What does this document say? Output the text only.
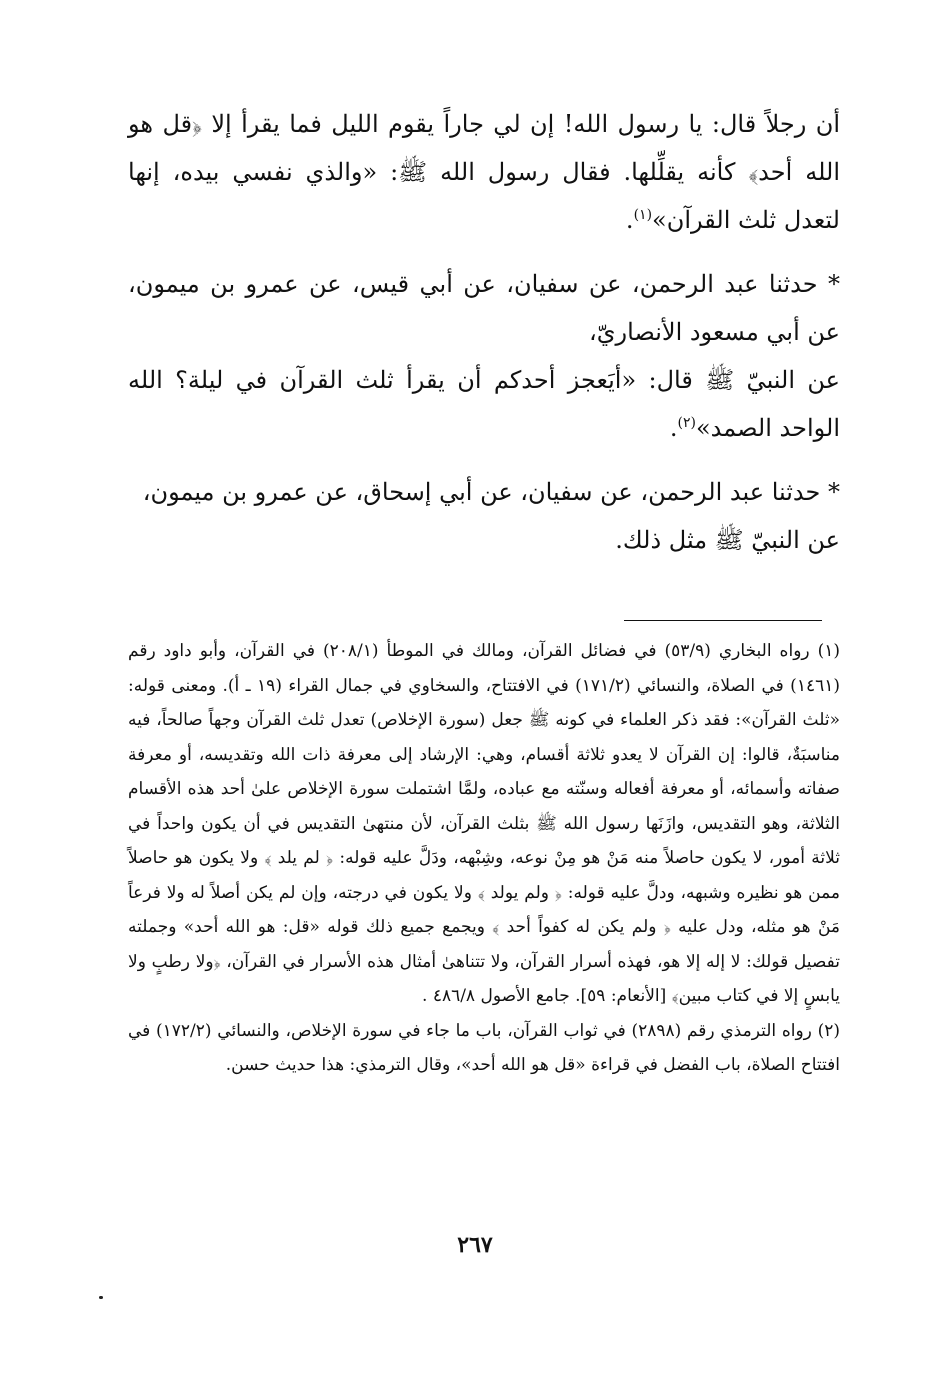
أن رجلاً قال: يا رسول الله! إن لي جاراً يقوم الليل فما يقرأ إلا ﴿قل هو الله أحد﴾ كأنه يقلِّلها. فقال رسول الله ﷺ: «والذي نفسي بيده، إنها لتعدل ثلث القرآن»$^{(١)}$.

* حدثنا عبد الرحمن، عن سفيان، عن أبي قيس، عن عمرو بن ميمون، عن أبي مسعود الأنصاريّ،

عن النبيّ ﷺ قال: «أيَعجز أحدكم أن يقرأ ثلث القرآن في ليلة؟ الله الواحد الصمد»$^{(٢)}$.

* حدثنا عبد الرحمن، عن سفيان، عن أبي إسحاق، عن عمرو بن ميمون،

عن النبيّ ﷺ مثل ذلك.

(١) رواه البخاري (٥٣/٩) في فضائل القرآن، ومالك في الموطأ (٢٠٨/١) في القرآن، وأبو داود رقم (١٤٦١) في الصلاة، والنسائي (١٧١/٢) في الافتتاح، والسخاوي في جمال القراء (١٩ ـ أ). ومعنى قوله: «ثلث القرآن»: فقد ذكر العلماء في كونه ﷺ جعل (سورة الإخلاص) تعدل ثلث القرآن وجهاً صالحاً، فيه مناسبَةٌ، قالوا: إن القرآن لا يعدو ثلاثة أقسام، وهي: الإرشاد إلى معرفة ذات الله وتقديسه، أو معرفة صفاته وأسمائه، أو معرفة أفعاله وسنّته مع عباده، ولمَّا اشتملت سورة الإخلاص علىٰ أحد هذه الأقسام الثلاثة، وهو التقديس، وازَنَها رسول الله ﷺ بثلث القرآن، لأن منتهىٰ التقديس في أن يكون واحداً في ثلاثة أمور، لا يكون حاصلاً منه مَنْ هو مِنْ نوعه، وشِبْهه، ودَلَّ عليه قوله: ﴿ لم يلد ﴾ ولا يكون هو حاصلاً ممن هو نظيره وشبهه، ودلَّ عليه قوله: ﴿ ولم يولد ﴾ ولا يكون في درجته، وإن لم يكن أصلاً له ولا فرعاً مَنْ هو مثله، ودل عليه ﴿ ولم يكن له كفواً أحد ﴾ ويجمع جميع ذلك قوله «قل: هو الله أحد» وجملته تفصيل قولك: لا إله إلا هو، فهذه أسرار القرآن، ولا تتناهىٰ أمثال هذه الأسرار في القرآن، ﴿ولا رطبٍ ولا يابسٍ إلا في كتاب مبين﴾ [الأنعام: ٥٩]. جامع الأصول ٤٨٦/٨ .

(٢) رواه الترمذي رقم (٢٨٩٨) في ثواب القرآن، باب ما جاء في سورة الإخلاص، والنسائي (١٧٢/٢) في افتتاح الصلاة، باب الفضل في قراءة «قل هو الله أحد»، وقال الترمذي: هذا حديث حسن.

٢٦٧
